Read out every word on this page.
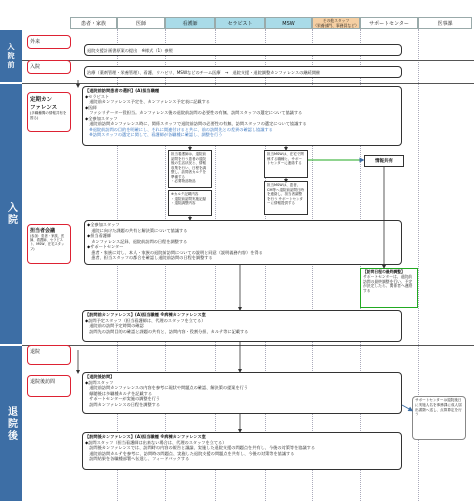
患者・家族	医師	看護師	セラピスト	MSW
その他スタッフ
（栄養部門、事務員など）	サポートセンター	医事課
入院前
入院
退院後
外来
入院
定期カン
ファレンス
(多職種間の情報共有を図る)
担当者会議
(参加：患者・家族、医師、看護師、セラピスト、MSW、在宅スタッフ)
退院
退院後訪問
退院支援計画書原案の提出　※様式（1）参照
治療（薬剤管理・栄養管理）、看護、リハビリ、MSWなどのチーム医療　→　退院支援・退院調整カンファレンスの継続開催
【退院前訪問患者の選択】(A)担当職種
◆セラピスト
　退院前カンファレンス予定を、カンファレンス予定表に記載する
◆医師
　ファシリテーター役担当。カンファレンス後の退院前訪問の必要性の有無、訪問スタッフの選定について協議する
◆全参加スタッフ
　退院前訪問カンファレンス時に、関係スタッフで退院前訪問の必要性の有無、訪問スタッフの選定について協議する
　※退院前訪問の目的を明確にし、それに関連付けると共に、前の訪問先との差異の確認し協議する
　※訪問スタッフの選定に関して、看護師が各職種に確認し、調整を行う
担当看護師は、退院前訪問を行う患者の退院後の生活状況と、情報収集を行い、日程を調整し、訪問者カルテを準備する
・必要物品物品
※カルテ記載内容
・退院前訪問実施記録
・退院調整内容
担当MSWは、在宅で関係する職種と、サポートセンターに連絡する
担当MSWは、患者、CM等へ退院前訪問日時を連絡し、担当者調整を行う サポートセンターに情報提供する
情報共有
◆全参加スタッフ
　退院に向けた課題の共有と解決策について協議する
◆担当看護師
　カンファレンス記録、退院前訪問の日程を調整する
◆サポートセンター
　患者・家族に対し、本人・家族の退院前訪問についての説明と同意（説明義務内容）を得る
　患者、担当スタッフの都合を確認し退院前訪問の日程を調整する
【訪問日程の最終調整】
サポートセンターは、退院前訪問の最終調整を行い、予定が決定したら、関係者へ連絡する
【訪問前カンファレンス】(A)担当職種 ※病棟カンファレンス室
◆訪問予定スタッフ（担当看護師は、代理のスタッフを立てる）
　退院前の訪問予定時間の確認
　訪問先の訪問目的の確認と課題の共有と、訪問内容・役割分担、カルテ等に記載する
【退院後訪問】
◆訪問スタッフ
　退院前訪問カンファレンスの内容を参考に現状や問題点の確認、解決策の提案を行う
　傾聴後は多職種カルテを記載する
　サポートセンターが実施の調整を行う
　訪問カンファレンスの日程を調整する
【訪問後カンファレンス】(A)担当職種 ※病棟カンファレンス室
◆訪問スタッフ（担当看護師は出来ない場合は、代理のスタッフを立てる）
　訪問後カンファレンスでは、訪問時の内容の報告と議論、実施した退院支援の問題点を共有し、今後の対策等を協議する
　退院前訪問カルテを参考に、訪問時の問題点、実施した退院支援の問題点を共有し、今後の対策等を協議する
　訪問結果を各職種部署へ伝達し、フィードバックする
サポートセンターは退院後日に実施人名を事務課に成人届出書類へ送し、点算算定を行う
